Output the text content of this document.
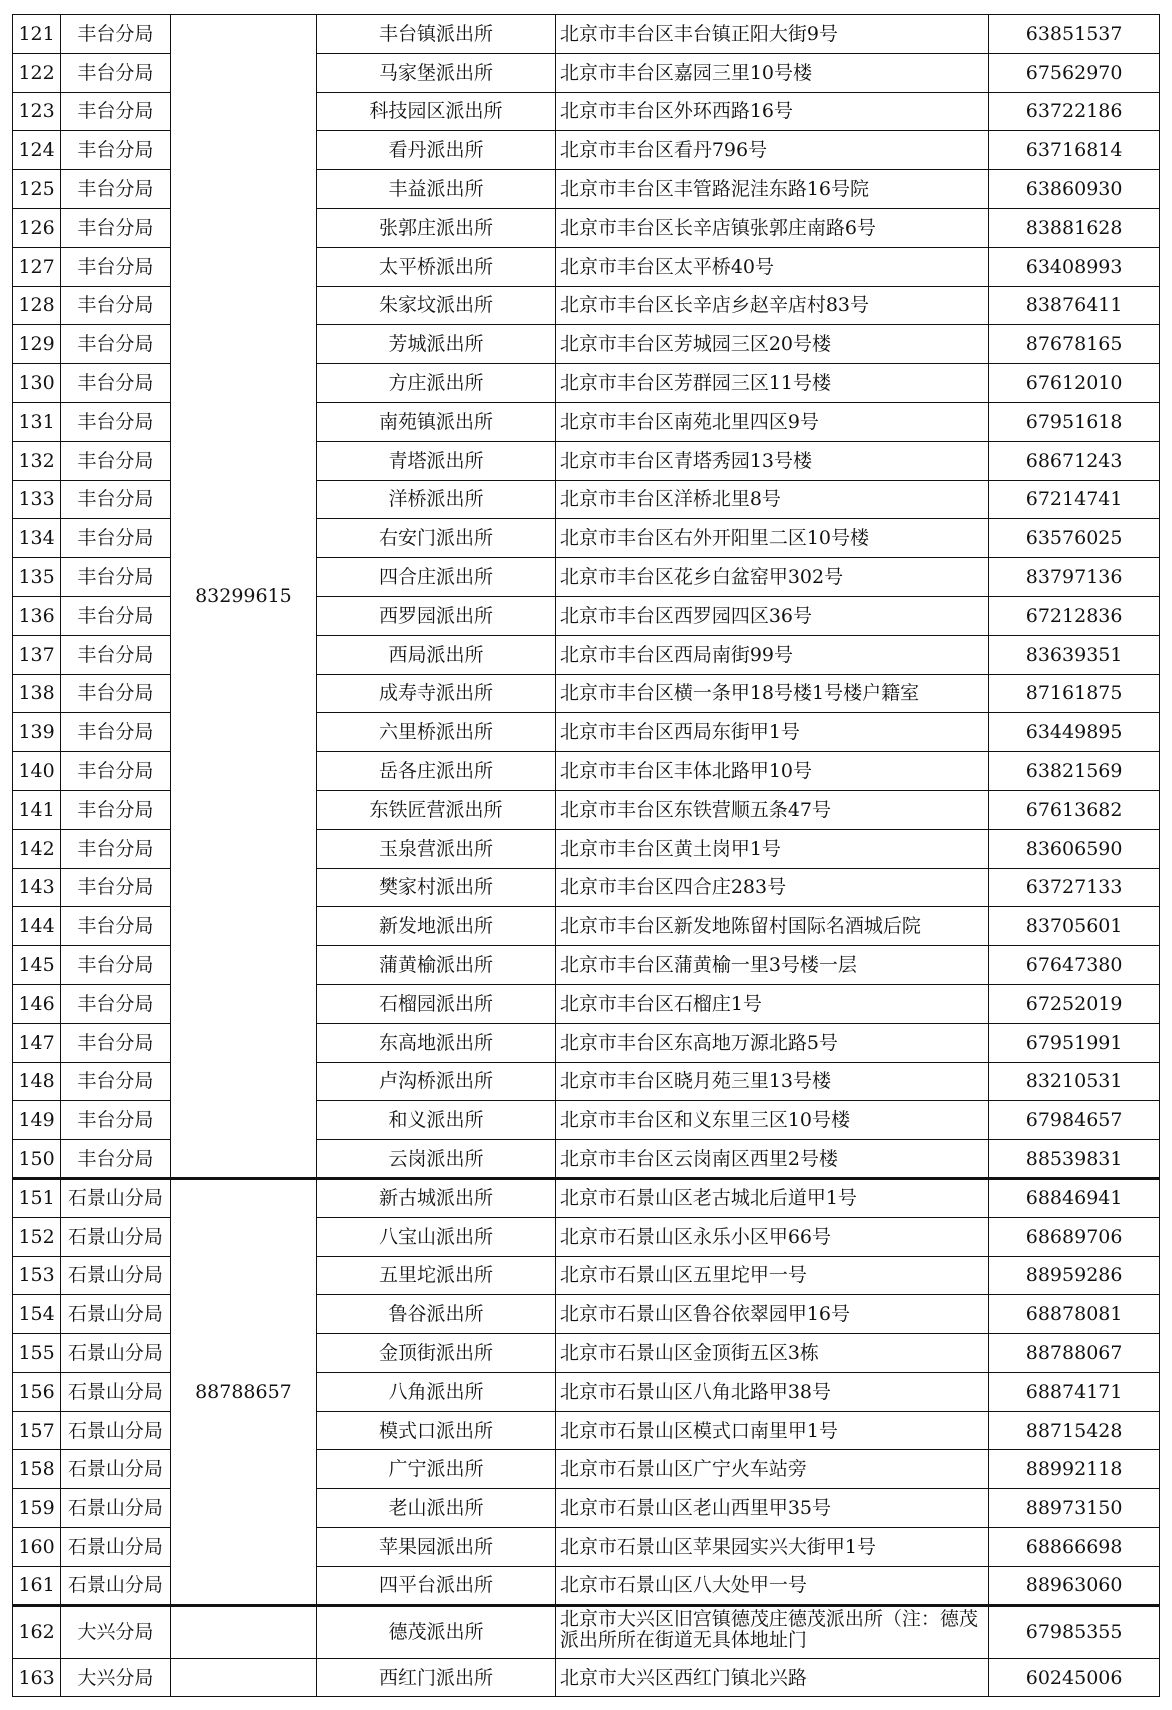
121	丰台分局	83299615	丰台镇派出所	北京市丰台区丰台镇正阳大街9号	63851537
122	丰台分局		马家堡派出所	北京市丰台区嘉园三里10号楼	67562970
123	丰台分局		科技园区派出所	北京市丰台区外环西路16号	63722186
124	丰台分局		看丹派出所	北京市丰台区看丹796号	63716814
125	丰台分局		丰益派出所	北京市丰台区丰管路泥洼东路16号院	63860930
126	丰台分局		张郭庄派出所	北京市丰台区长辛店镇张郭庄南路6号	83881628
127	丰台分局		太平桥派出所	北京市丰台区太平桥40号	63408993
128	丰台分局		朱家坟派出所	北京市丰台区长辛店乡赵辛店村83号	83876411
129	丰台分局		芳城派出所	北京市丰台区芳城园三区20号楼	87678165
130	丰台分局		方庄派出所	北京市丰台区芳群园三区11号楼	67612010
131	丰台分局		南苑镇派出所	北京市丰台区南苑北里四区9号	67951618
132	丰台分局		青塔派出所	北京市丰台区青塔秀园13号楼	68671243
133	丰台分局		洋桥派出所	北京市丰台区洋桥北里8号	67214741
134	丰台分局		右安门派出所	北京市丰台区右外开阳里二区10号楼	63576025
135	丰台分局		四合庄派出所	北京市丰台区花乡白盆窑甲302号	83797136
136	丰台分局		西罗园派出所	北京市丰台区西罗园四区36号	67212836
137	丰台分局		西局派出所	北京市丰台区西局南街99号	83639351
138	丰台分局		成寿寺派出所	北京市丰台区横一条甲18号楼1号楼户籍室	87161875
139	丰台分局		六里桥派出所	北京市丰台区西局东街甲1号	63449895
140	丰台分局		岳各庄派出所	北京市丰台区丰体北路甲10号	63821569
141	丰台分局		东铁匠营派出所	北京市丰台区东铁营顺五条47号	67613682
142	丰台分局		玉泉营派出所	北京市丰台区黄土岗甲1号	83606590
143	丰台分局		樊家村派出所	北京市丰台区四合庄283号	63727133
144	丰台分局		新发地派出所	北京市丰台区新发地陈留村国际名酒城后院	83705601
145	丰台分局		蒲黄榆派出所	北京市丰台区蒲黄榆一里3号楼一层	67647380
146	丰台分局		石榴园派出所	北京市丰台区石榴庄1号	67252019
147	丰台分局		东高地派出所	北京市丰台区东高地万源北路5号	67951991
148	丰台分局		卢沟桥派出所	北京市丰台区晓月苑三里13号楼	83210531
149	丰台分局		和义派出所	北京市丰台区和义东里三区10号楼	67984657
150	丰台分局		云岗派出所	北京市丰台区云岗南区西里2号楼	88539831
151	石景山分局	88788657	新古城派出所	北京市石景山区老古城北后道甲1号	68846941
152	石景山分局		八宝山派出所	北京市石景山区永乐小区甲66号	68689706
153	石景山分局		五里坨派出所	北京市石景山区五里坨甲一号	88959286
154	石景山分局		鲁谷派出所	北京市石景山区鲁谷依翠园甲16号	68878081
155	石景山分局		金顶街派出所	北京市石景山区金顶街五区3栋	88788067
156	石景山分局		八角派出所	北京市石景山区八角北路甲38号	68874171
157	石景山分局		模式口派出所	北京市石景山区模式口南里甲1号	88715428
158	石景山分局		广宁派出所	北京市石景山区广宁火车站旁	88992118
159	石景山分局		老山派出所	北京市石景山区老山西里甲35号	88973150
160	石景山分局		苹果园派出所	北京市石景山区苹果园实兴大街甲1号	68866698
161	石景山分局		四平台派出所	北京市石景山区八大处甲一号	88963060
162	大兴分局		德茂派出所	北京市大兴区旧宫镇德茂庄德茂派出所（注：德茂派出所所在街道无具体地址门	67985355
163	大兴分局		西红门派出所	北京市大兴区西红门镇北兴路	60245006
